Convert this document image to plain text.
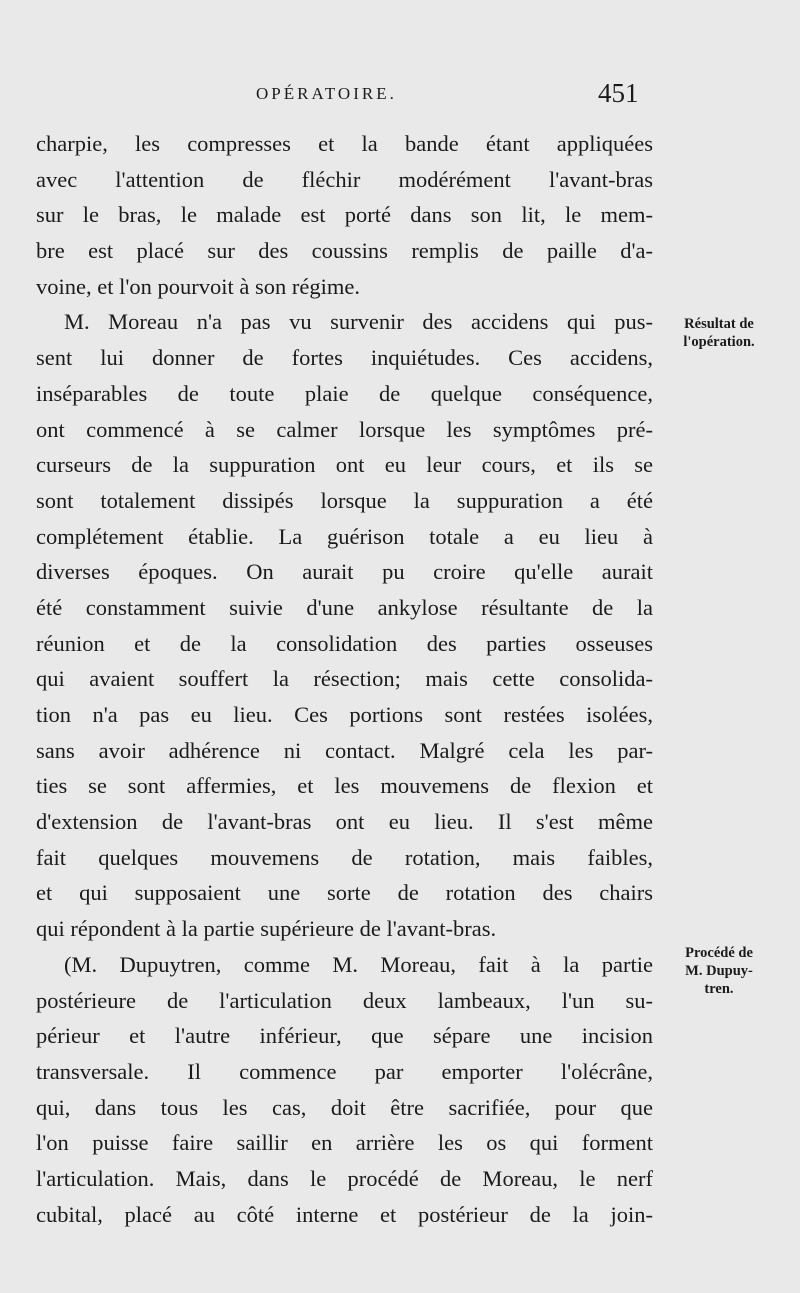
OPÉRATOIRE.	451
charpie, les compresses et la bande étant appliquées
avec l'attention de fléchir modérément l'avant-bras
sur le bras, le malade est porté dans son lit, le mem-
bre est placé sur des coussins remplis de paille d'a-
voine, et l'on pourvoit à son régime.
M. Moreau n'a pas vu survenir des accidens qui pus-
sent lui donner de fortes inquiétudes. Ces accidens,
inséparables de toute plaie de quelque conséquence,
ont commencé à se calmer lorsque les symptômes pré-
curseurs de la suppuration ont eu leur cours, et ils se
sont totalement dissipés lorsque la suppuration a été
complétement établie. La guérison totale a eu lieu à
diverses époques. On aurait pu croire qu'elle aurait
été constamment suivie d'une ankylose résultante de la
réunion et de la consolidation des parties osseuses
qui avaient souffert la résection; mais cette consolida-
tion n'a pas eu lieu. Ces portions sont restées isolées,
sans avoir adhérence ni contact. Malgré cela les par-
ties se sont affermies, et les mouvemens de flexion et
d'extension de l'avant-bras ont eu lieu. Il s'est même
fait quelques mouvemens de rotation, mais faibles,
et qui supposaient une sorte de rotation des chairs
qui répondent à la partie supérieure de l'avant-bras.
(M. Dupuytren, comme M. Moreau, fait à la partie
postérieure de l'articulation deux lambeaux, l'un su-
périeur et l'autre inférieur, que sépare une incision
transversale. Il commence par emporter l'olécrâne,
qui, dans tous les cas, doit être sacrifiée, pour que
l'on puisse faire saillir en arrière les os qui forment
l'articulation. Mais, dans le procédé de Moreau, le nerf
cubital, placé au côté interne et postérieur de la join-
Résultat de
l'opération.
Procédé de
M. Dupuy-
tren.
